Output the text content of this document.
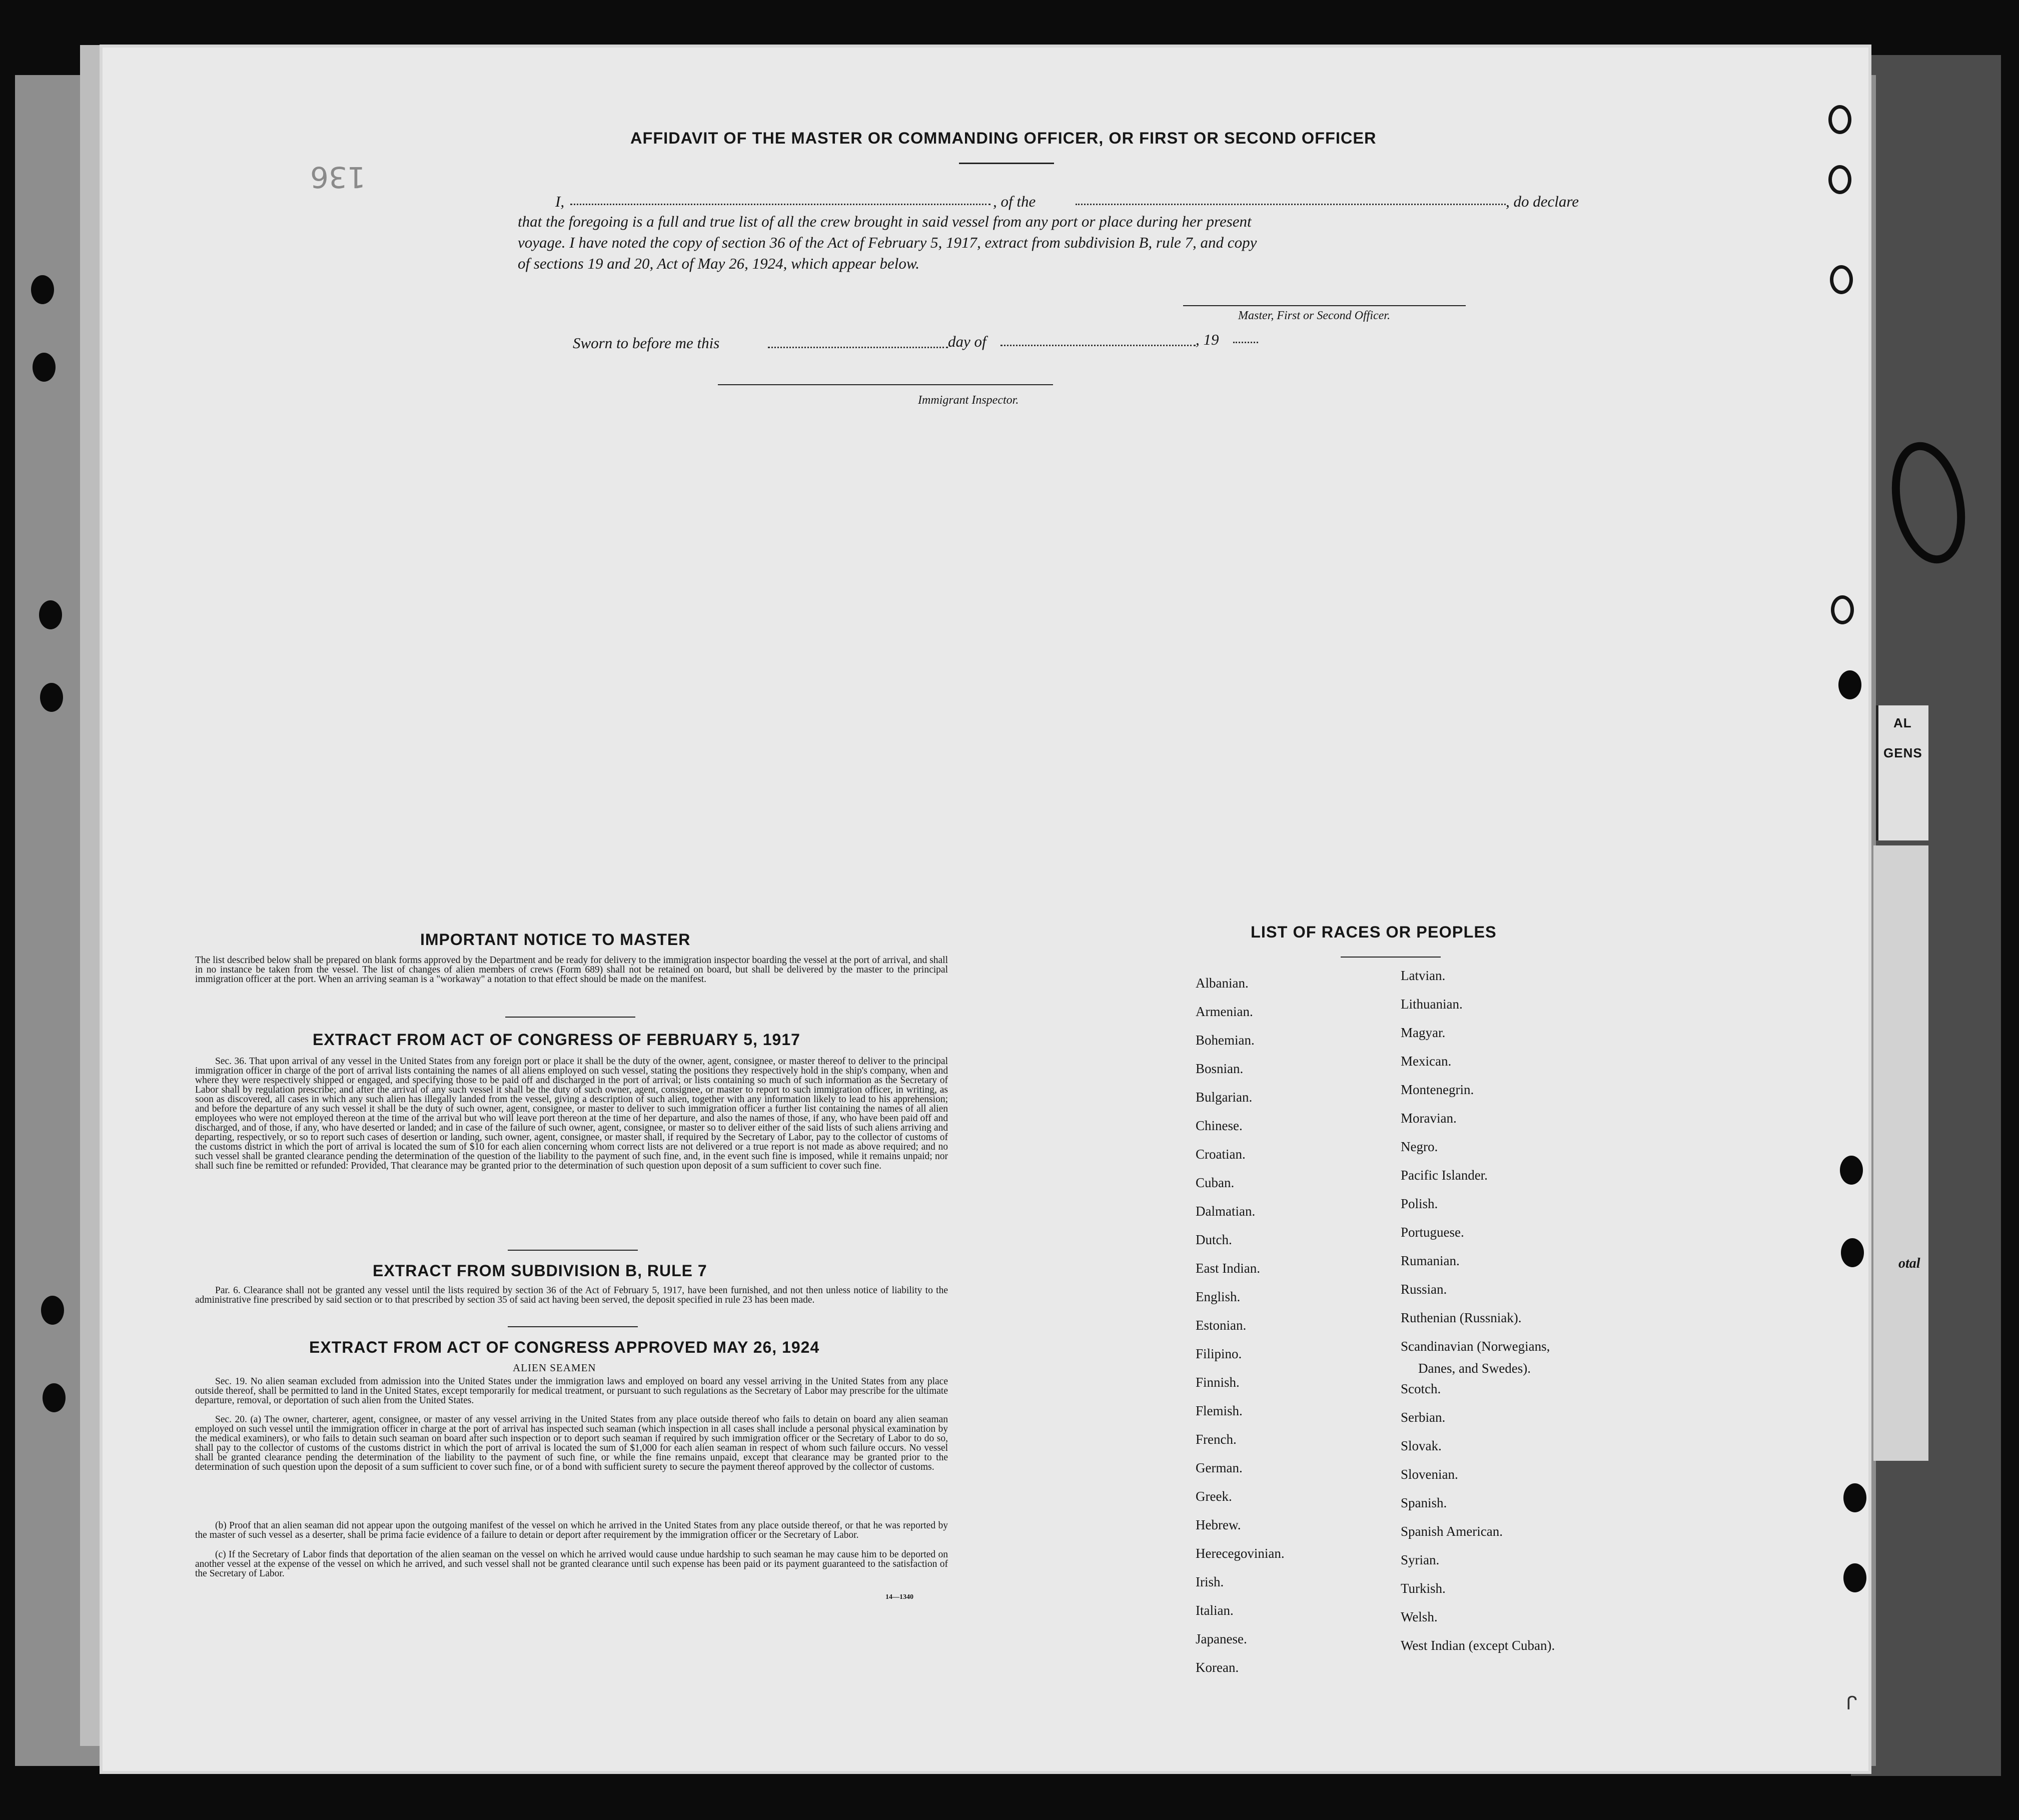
AL
GENS
otal
136
AFFIDAVIT OF THE MASTER OR COMMANDING OFFICER, OR FIRST OR SECOND OFFICER
I,	, of the	, do declare
that the foregoing is a full and true list of all the crew brought in said vessel from any port or place during her present
voyage. I have noted the copy of section 36 of the Act of February 5, 1917, extract from subdivision B, rule 7, and copy
of sections 19 and 20, Act of May 26, 1924, which appear below.
Master, First or Second Officer.
Sworn to before me this	day of	, 19
Immigrant Inspector.
IMPORTANT NOTICE TO MASTER
The list described below shall be prepared on blank forms approved by the Department and be ready for delivery to the immigration inspector boarding the vessel at the port of arrival, and shall in no instance be taken from the vessel. The list of changes of alien members of crews (Form 689) shall not be retained on board, but shall be delivered by the master to the principal immigration officer at the port. When an arriving seaman is a "workaway" a notation to that effect should be made on the manifest.
EXTRACT FROM ACT OF CONGRESS OF FEBRUARY 5, 1917
Sec. 36. That upon arrival of any vessel in the United States from any foreign port or place it shall be the duty of the owner, agent, consignee, or master thereof to deliver to the principal immigration officer in charge of the port of arrival lists containing the names of all aliens employed on such vessel, stating the positions they respectively hold in the ship's company, when and where they were respectively shipped or engaged, and specifying those to be paid off and discharged in the port of arrival; or lists containing so much of such information as the Secretary of Labor shall by regulation prescribe; and after the arrival of any such vessel it shall be the duty of such owner, agent, consignee, or master to report to such immigration officer, in writing, as soon as discovered, all cases in which any such alien has illegally landed from the vessel, giving a description of such alien, together with any information likely to lead to his apprehension; and before the departure of any such vessel it shall be the duty of such owner, agent, consignee, or master to deliver to such immigration officer a further list containing the names of all alien employees who were not employed thereon at the time of the arrival but who will leave port thereon at the time of her departure, and also the names of those, if any, who have been paid off and discharged, and of those, if any, who have deserted or landed; and in case of the failure of such owner, agent, consignee, or master so to deliver either of the said lists of such aliens arriving and departing, respectively, or so to report such cases of desertion or landing, such owner, agent, consignee, or master shall, if required by the Secretary of Labor, pay to the collector of customs of the customs district in which the port of arrival is located the sum of $10 for each alien concerning whom correct lists are not delivered or a true report is not made as above required; and no such vessel shall be granted clearance pending the determination of the question of the liability to the payment of such fine, and, in the event such fine is imposed, while it remains unpaid; nor shall such fine be remitted or refunded: Provided, That clearance may be granted prior to the determination of such question upon deposit of a sum sufficient to cover such fine.
EXTRACT FROM SUBDIVISION B, RULE 7
Par. 6. Clearance shall not be granted any vessel until the lists required by section 36 of the Act of February 5, 1917, have been furnished, and not then unless notice of liability to the administrative fine prescribed by said section or to that prescribed by section 35 of said act having been served, the deposit specified in rule 23 has been made.
EXTRACT FROM ACT OF CONGRESS APPROVED MAY 26, 1924
ALIEN SEAMEN
Sec. 19. No alien seaman excluded from admission into the United States under the immigration laws and employed on board any vessel arriving in the United States from any place outside thereof, shall be permitted to land in the United States, except temporarily for medical treatment, or pursuant to such regulations as the Secretary of Labor may prescribe for the ultimate departure, removal, or deportation of such alien from the United States.
Sec. 20. (a) The owner, charterer, agent, consignee, or master of any vessel arriving in the United States from any place outside thereof who fails to detain on board any alien seaman employed on such vessel until the immigration officer in charge at the port of arrival has inspected such seaman (which inspection in all cases shall include a personal physical examination by the medical examiners), or who fails to detain such seaman on board after such inspection or to deport such seaman if required by such immigration officer or the Secretary of Labor to do so, shall pay to the collector of customs of the customs district in which the port of arrival is located the sum of $1,000 for each alien seaman in respect of whom such failure occurs. No vessel shall be granted clearance pending the determination of the liability to the payment of such fine, or while the fine remains unpaid, except that clearance may be granted prior to the determination of such question upon the deposit of a sum sufficient to cover such fine, or of a bond with sufficient surety to secure the payment thereof approved by the collector of customs.
(b) Proof that an alien seaman did not appear upon the outgoing manifest of the vessel on which he arrived in the United States from any place outside thereof, or that he was reported by the master of such vessel as a deserter, shall be prima facie evidence of a failure to detain or deport after requirement by the immigration officer or the Secretary of Labor.
(c) If the Secretary of Labor finds that deportation of the alien seaman on the vessel on which he arrived would cause undue hardship to such seaman he may cause him to be deported on another vessel at the expense of the vessel on which he arrived, and such vessel shall not be granted clearance until such expense has been paid or its payment guaranteed to the satisfaction of the Secretary of Labor.
14—1340
LIST OF RACES OR PEOPLES
Albanian.
Armenian.
Bohemian.
Bosnian.
Bulgarian.
Chinese.
Croatian.
Cuban.
Dalmatian.
Dutch.
East Indian.
English.
Estonian.
Filipino.
Finnish.
Flemish.
French.
German.
Greek.
Hebrew.
Herecegovinian.
Irish.
Italian.
Japanese.
Korean.
Latvian.
Lithuanian.
Magyar.
Mexican.
Montenegrin.
Moravian.
Negro.
Pacific Islander.
Polish.
Portuguese.
Rumanian.
Russian.
Ruthenian (Russniak).
Scandinavian (Norwegians,
Scotch.
Serbian.
Slovak.
Slovenian.
Spanish.
Spanish American.
Syrian.
Turkish.
Welsh.
West Indian (except Cuban).
Danes, and Swedes).
ᒋ
